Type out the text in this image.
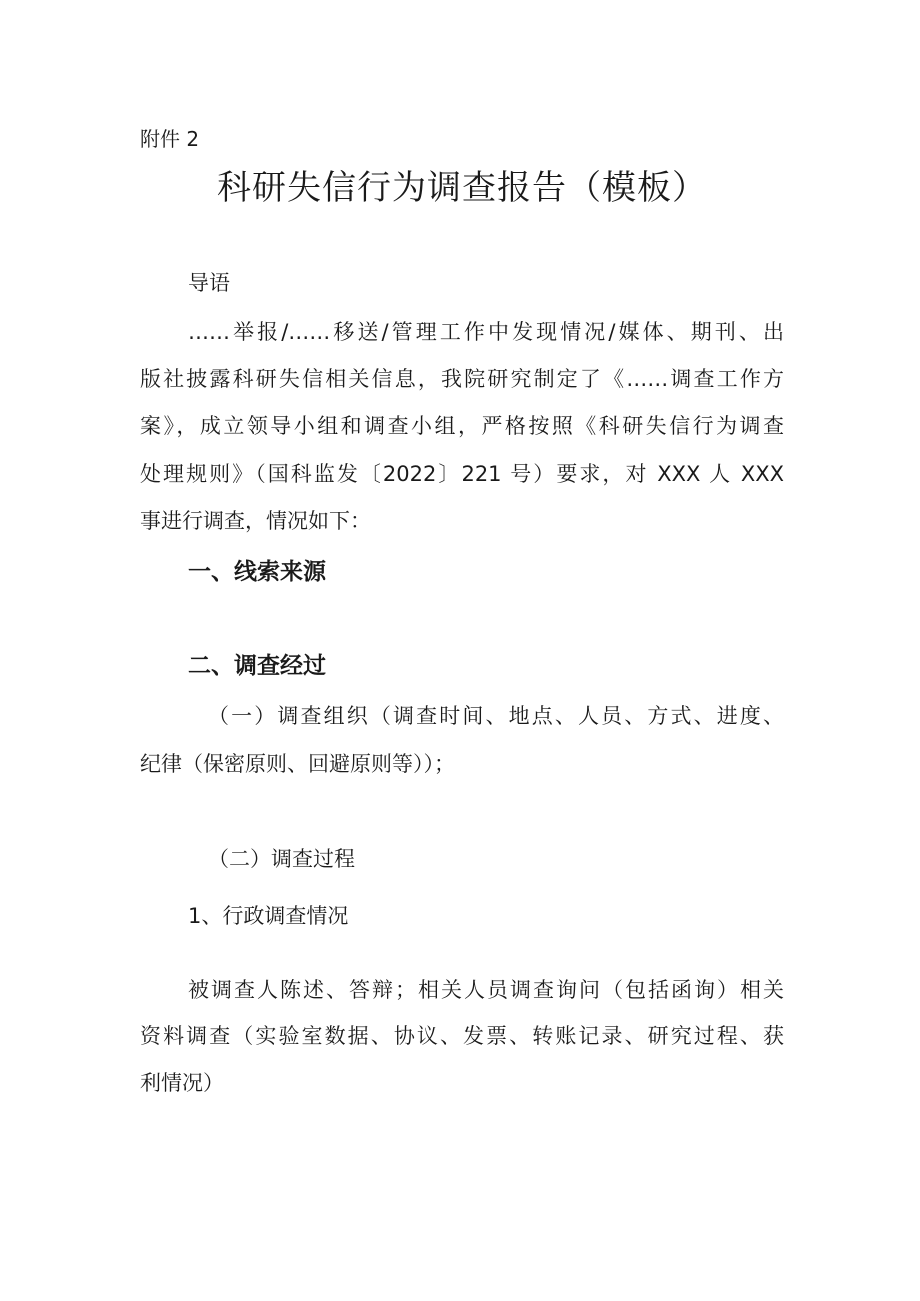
附件 2
科研失信行为调查报告（模板）
导语
……举报/……移送/管理工作中发现情况/媒体、期刊、出
版社披露科研失信相关信息，我院研究制定了《……调查工作方
案》，成立领导小组和调查小组，严格按照《科研失信行为调查
处理规则》（国科监发〔2022〕221 号）要求，对 XXX 人 XXX
事进行调查，情况如下：
一、线索来源
二、调查经过
（一）调查组织（调查时间、地点、人员、方式、进度、
纪律（保密原则、回避原则等））；
（二）调查过程
1、行政调查情况
被调查人陈述、答辩；相关人员调查询问（包括函询）相关
资料调查（实验室数据、协议、发票、转账记录、研究过程、获
利情况）
